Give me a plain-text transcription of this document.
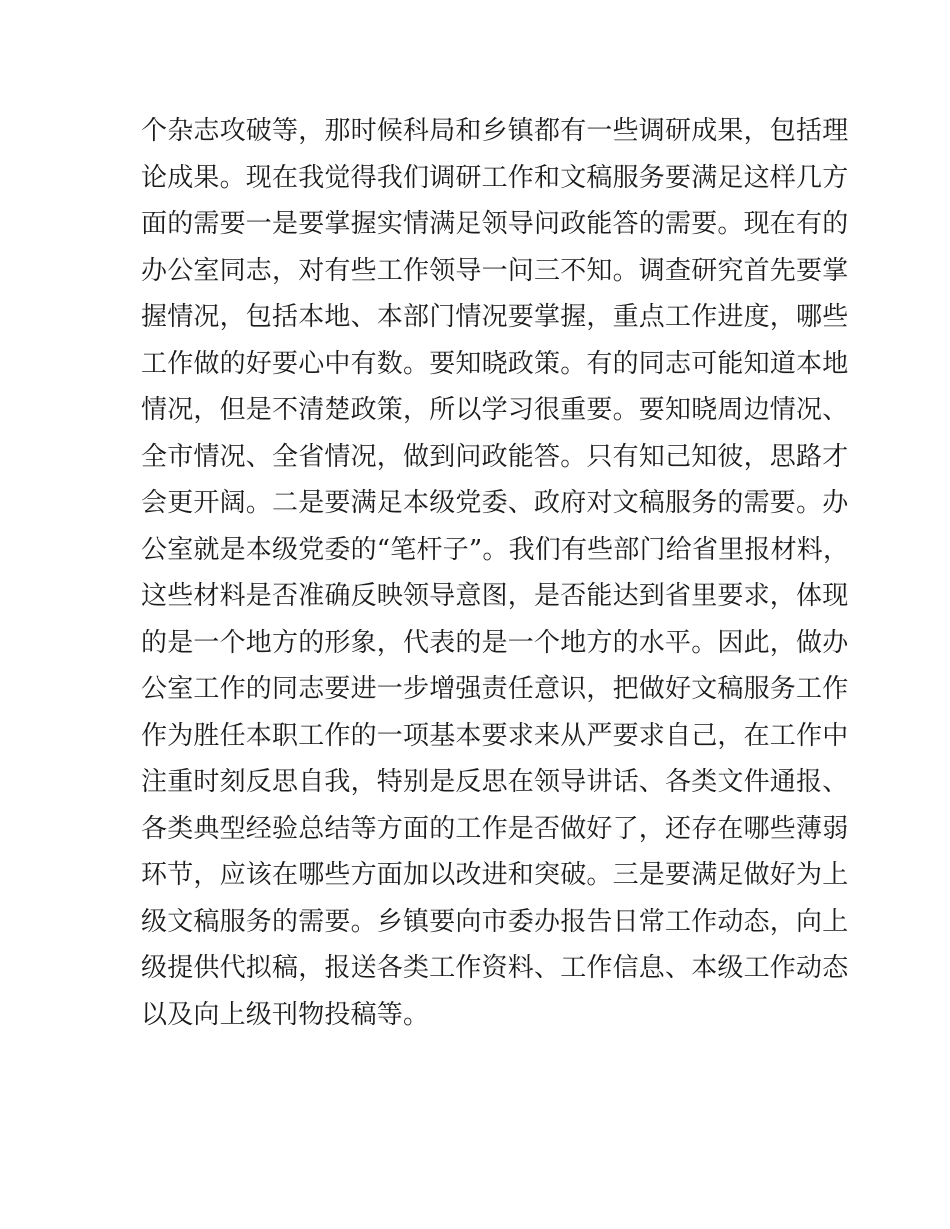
个杂志攻破等，那时候科局和乡镇都有一些调研成果，包括理
论成果。现在我觉得我们调研工作和文稿服务要满足这样几方
面的需要一是要掌握实情满足领导问政能答的需要。现在有的
办公室同志，对有些工作领导一问三不知。调查研究首先要掌
握情况，包括本地、本部门情况要掌握，重点工作进度，哪些
工作做的好要心中有数。要知晓政策。有的同志可能知道本地
情况，但是不清楚政策，所以学习很重要。要知晓周边情况、
全市情况、全省情况，做到问政能答。只有知己知彼，思路才
会更开阔。二是要满足本级党委、政府对文稿服务的需要。办
公室就是本级党委的“笔杆子”。我们有些部门给省里报材料，
这些材料是否准确反映领导意图，是否能达到省里要求，体现
的是一个地方的形象，代表的是一个地方的水平。因此，做办
公室工作的同志要进一步增强责任意识，把做好文稿服务工作
作为胜任本职工作的一项基本要求来从严要求自己，在工作中
注重时刻反思自我，特别是反思在领导讲话、各类文件通报、
各类典型经验总结等方面的工作是否做好了，还存在哪些薄弱
环节，应该在哪些方面加以改进和突破。三是要满足做好为上
级文稿服务的需要。乡镇要向市委办报告日常工作动态，向上
级提供代拟稿，报送各类工作资料、工作信息、本级工作动态
以及向上级刊物投稿等。
